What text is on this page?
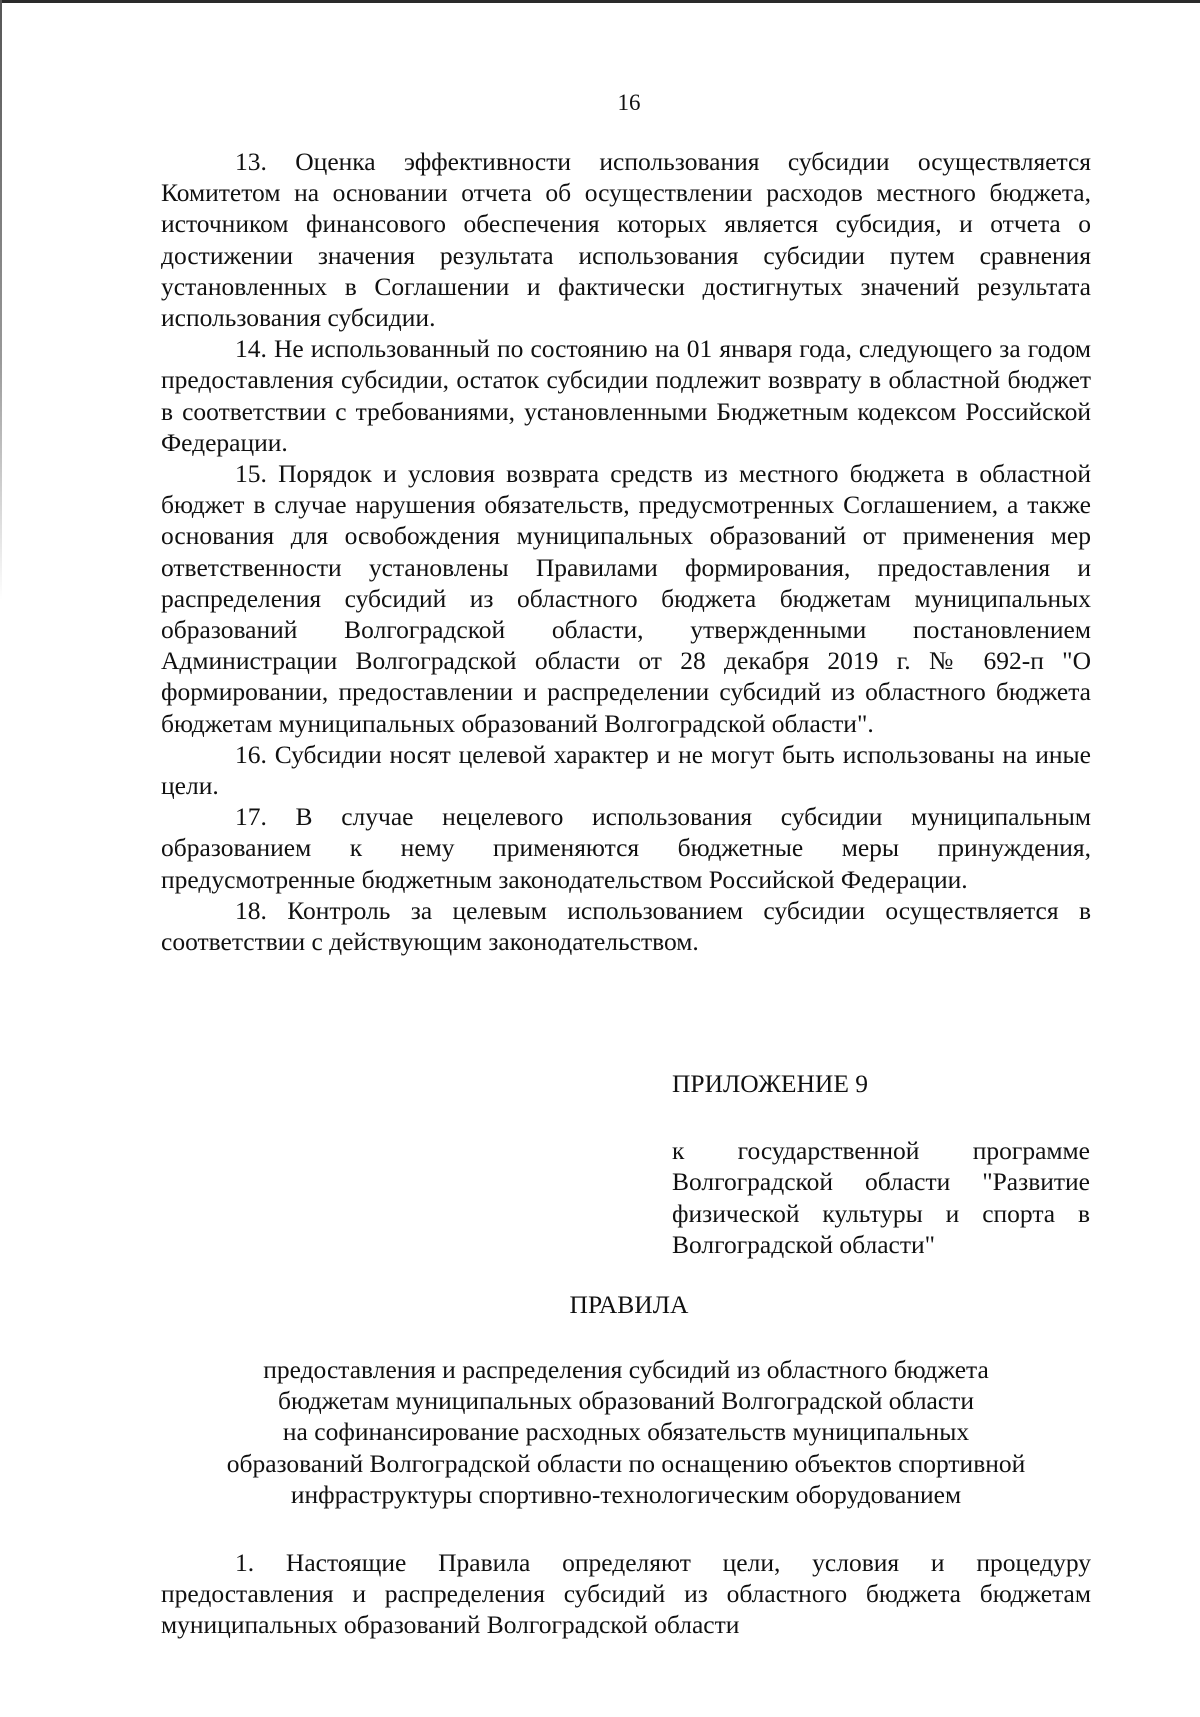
16

13. Оценка эффективности использования субсидии осуществляется Комитетом на основании отчета об осуществлении расходов местного бюджета, источником финансового обеспечения которых является субсидия, и отчета о достижении значения результата использования субсидии путем сравнения установленных в Соглашении и фактически достигнутых значений результата использования субсидии.

14. Не использованный по состоянию на 01 января года, следующего за годом предоставления субсидии, остаток субсидии подлежит возврату в областной бюджет в соответствии с требованиями, установленными Бюджетным кодексом Российской Федерации.

15. Порядок и условия возврата средств из местного бюджета в областной бюджет в случае нарушения обязательств, предусмотренных Соглашением, а также основания для освобождения муниципальных образований от применения мер ответственности установлены Правилами формирования, предоставления и распределения субсидий из областного бюджета бюджетам муниципальных образований Волгоградской области, утвержденными постановлением Администрации Волгоградской области от 28 декабря 2019 г. № 692-п "О формировании, предоставлении и распределении субсидий из областного бюджета бюджетам муниципальных образований Волгоградской области".

16. Субсидии носят целевой характер и не могут быть использованы на иные цели.

17. В случае нецелевого использования субсидии муниципальным образованием к нему применяются бюджетные меры принуждения, предусмотренные бюджетным законодательством Российской Федерации.

18. Контроль за целевым использованием субсидии осуществляется в соответствии с действующим законодательством.

ПРИЛОЖЕНИЕ 9

к государственной программе Волгоградской области "Развитие физической культуры и спорта в Волгоградской области"

ПРАВИЛА
предоставления и распределения субсидий из областного бюджета
бюджетам муниципальных образований Волгоградской области
на софинансирование расходных обязательств муниципальных
образований Волгоградской области по оснащению объектов спортивной
инфраструктуры спортивно-технологическим оборудованием

1. Настоящие Правила определяют цели, условия и процедуру предоставления и распределения субсидий из областного бюджета бюджетам муниципальных образований Волгоградской области
